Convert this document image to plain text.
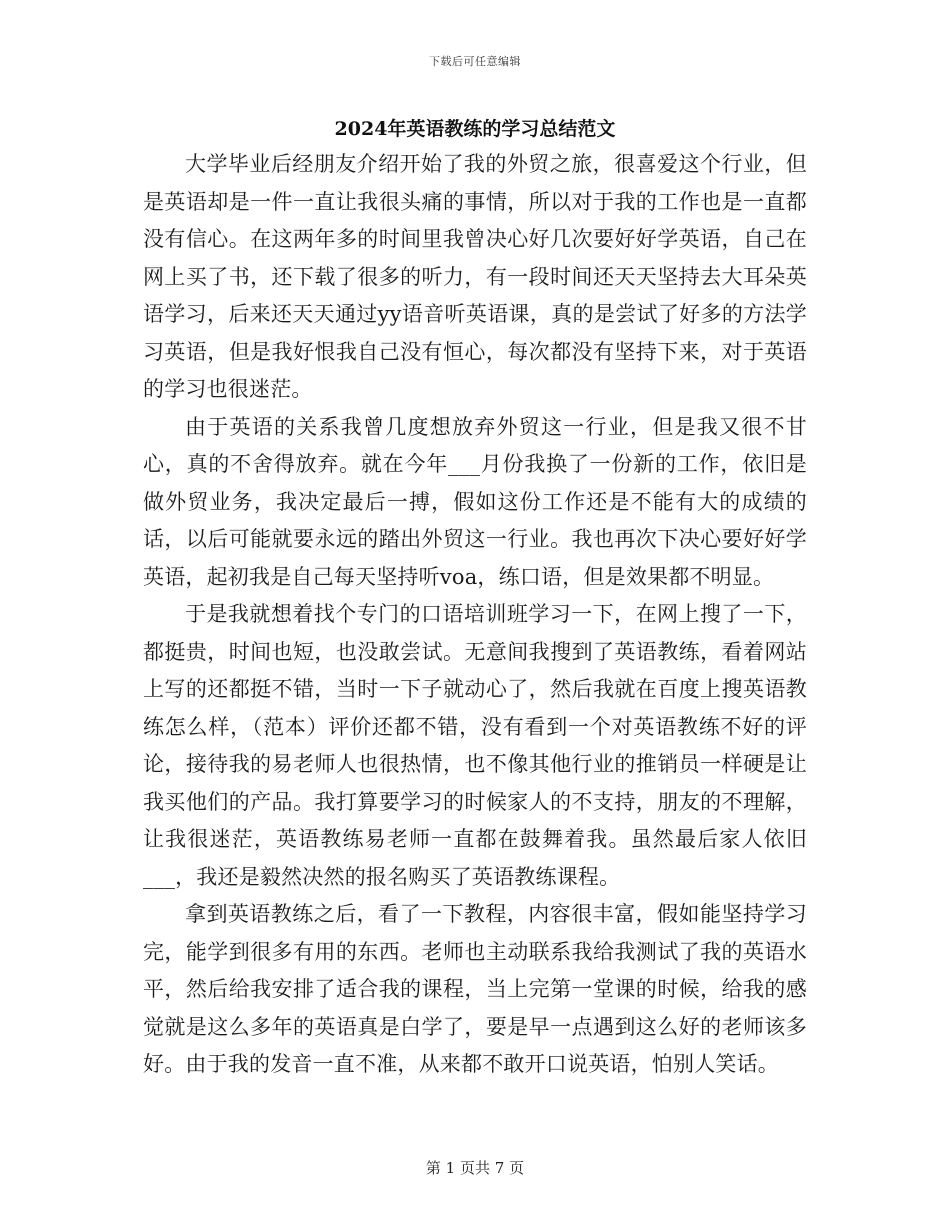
下载后可任意编辑
2024年英语教练的学习总结范文

大学毕业后经朋友介绍开始了我的外贸之旅，很喜爱这个行业，但是英语却是一件一直让我很头痛的事情，所以对于我的工作也是一直都没有信心。在这两年多的时间里我曾决心好几次要好好学英语，自己在网上买了书，还下载了很多的听力，有一段时间还天天坚持去大耳朵英语学习，后来还天天通过yy语音听英语课，真的是尝试了好多的方法学习英语，但是我好恨我自己没有恒心，每次都没有坚持下来，对于英语的学习也很迷茫。

由于英语的关系我曾几度想放弃外贸这一行业，但是我又很不甘心，真的不舍得放弃。就在今年___月份我换了一份新的工作，依旧是做外贸业务，我决定最后一搏，假如这份工作还是不能有大的成绩的话，以后可能就要永远的踏出外贸这一行业。我也再次下决心要好好学英语，起初我是自己每天坚持听voa，练口语，但是效果都不明显。

于是我就想着找个专门的口语培训班学习一下，在网上搜了一下，都挺贵，时间也短，也没敢尝试。无意间我搜到了英语教练，看着网站上写的还都挺不错，当时一下子就动心了，然后我就在百度上搜英语教练怎么样，（范本）评价还都不错，没有看到一个对英语教练不好的评论，接待我的易老师人也很热情，也不像其他行业的推销员一样硬是让我买他们的产品。我打算要学习的时候家人的不支持，朋友的不理解，让我很迷茫，英语教练易老师一直都在鼓舞着我。虽然最后家人依旧___，我还是毅然决然的报名购买了英语教练课程。

拿到英语教练之后，看了一下教程，内容很丰富，假如能坚持学习完，能学到很多有用的东西。老师也主动联系我给我测试了我的英语水平，然后给我安排了适合我的课程，当上完第一堂课的时候，给我的感觉就是这么多年的英语真是白学了，要是早一点遇到这么好的老师该多好。由于我的发音一直不准，从来都不敢开口说英语，怕别人笑话。

第 1 页共 7 页
